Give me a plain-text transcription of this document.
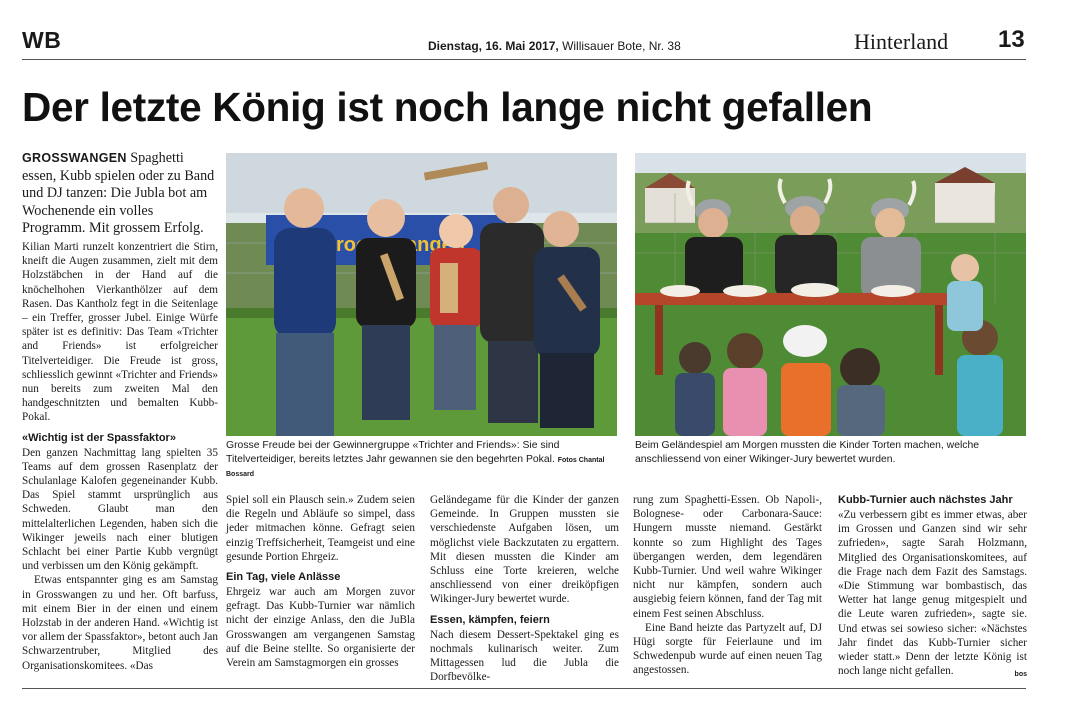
WB	Dienstag, 16. Mai 2017, Willisauer Bote, Nr. 38	Hinterland 13
Der letzte König ist noch lange nicht gefallen
GROSSWANGEN Spaghetti essen, Kubb spielen oder zu Band und DJ tanzen: Die Jubla bot am Wochenende ein volles Programm. Mit grossem Erfolg.
Grosse Freude bei der Gewinnergruppe «Trichter and Friends»: Sie sind Titelverteidiger, bereits letztes Jahr gewannen sie den begehrten Pokal. Fotos Chantal Bossard
Beim Geländespiel am Morgen mussten die Kinder Torten machen, welche anschliessend von einer Wikinger-Jury bewertet wurden.

Kilian Marti runzelt konzentriert die Stirn, kneift die Augen zusammen, zielt mit dem Holzstäbchen in der Hand auf die knöchelhohen Vierkanthölzer auf dem Rasen. Das Kantholz fegt in die Seitenlage – ein Treffer, grosser Jubel. Einige Würfe später ist es definitiv: Das Team «Trichter and Friends» ist erfolgreicher Titelverteidiger. Die Freude ist gross, schliesslich gewinnt «Trichter and Friends» nun bereits zum zweiten Mal den handgeschnitzten und bemalten Kubb-Pokal.

«Wichtig ist der Spassfaktor»

Den ganzen Nachmittag lang spielten 35 Teams auf dem grossen Rasenplatz der Schulanlage Kalofen gegeneinander Kubb. Das Spiel stammt ursprünglich aus Schweden. Glaubt man den mittelalterlichen Legenden, haben sich die Wikinger jeweils nach einer blutigen Schlacht bei einer Partie Kubb vergnügt und verbissen um den König gekämpft.

Etwas entspannter ging es am Samstag in Grosswangen zu und her. Oft barfuss, mit einem Bier in der einen und einem Holzstab in der anderen Hand. «Wichtig ist vor allem der Spassfaktor», betont auch Jan Schwarzentruber, Mitglied des Organisationskomitees. «Das

Spiel soll ein Plausch sein.» Zudem seien die Regeln und Abläufe so simpel, dass jeder mitmachen könne. Gefragt seien einzig Treffsicherheit, Teamgeist und eine gesunde Portion Ehrgeiz.

Ein Tag, viele Anlässe

Ehrgeiz war auch am Morgen zuvor gefragt. Das Kubb-Turnier war nämlich nicht der einzige Anlass, den die JuBla Grosswangen am vergangenen Samstag auf die Beine stellte. So organisierte der Verein am Samstagmorgen ein grosses

Geländegame für die Kinder der ganzen Gemeinde. In Gruppen mussten sie verschiedenste Aufgaben lösen, um möglichst viele Backzutaten zu ergattern. Mit diesen mussten die Kinder am Schluss eine Torte kreieren, welche anschliessend von einer dreiköpfigen Wikinger-Jury bewertet wurde.

Essen, kämpfen, feiern

Nach diesem Dessert-Spektakel ging es nochmals kulinarisch weiter. Zum Mittagessen lud die Jubla die Dorfbevölke-

rung zum Spaghetti-Essen. Ob Napoli-, Bolognese- oder Carbonara-Sauce: Hungern musste niemand. Gestärkt konnte so zum Highlight des Tages übergangen werden, dem legendären Kubb-Turnier. Und weil wahre Wikinger nicht nur kämpfen, sondern auch ausgiebig feiern können, fand der Tag mit einem Fest seinen Abschluss.

Eine Band heizte das Partyzelt auf, DJ Hügi sorgte für Feierlaune und im Schwedenpub wurde auf einen neuen Tag angestossen.

Kubb-Turnier auch nächstes Jahr

«Zu verbessern gibt es immer etwas, aber im Grossen und Ganzen sind wir sehr zufrieden», sagte Sarah Holzmann, Mitglied des Organisationskomitees, auf die Frage nach dem Fazit des Samstags. «Die Stimmung war bombastisch, das Wetter hat lange genug mitgespielt und die Leute waren zufrieden», sagte sie. Und etwas sei sowieso sicher: «Nächstes Jahr findet das Kubb-Turnier sicher wieder statt.» Denn der letzte König ist noch lange nicht gefallen.	bos
